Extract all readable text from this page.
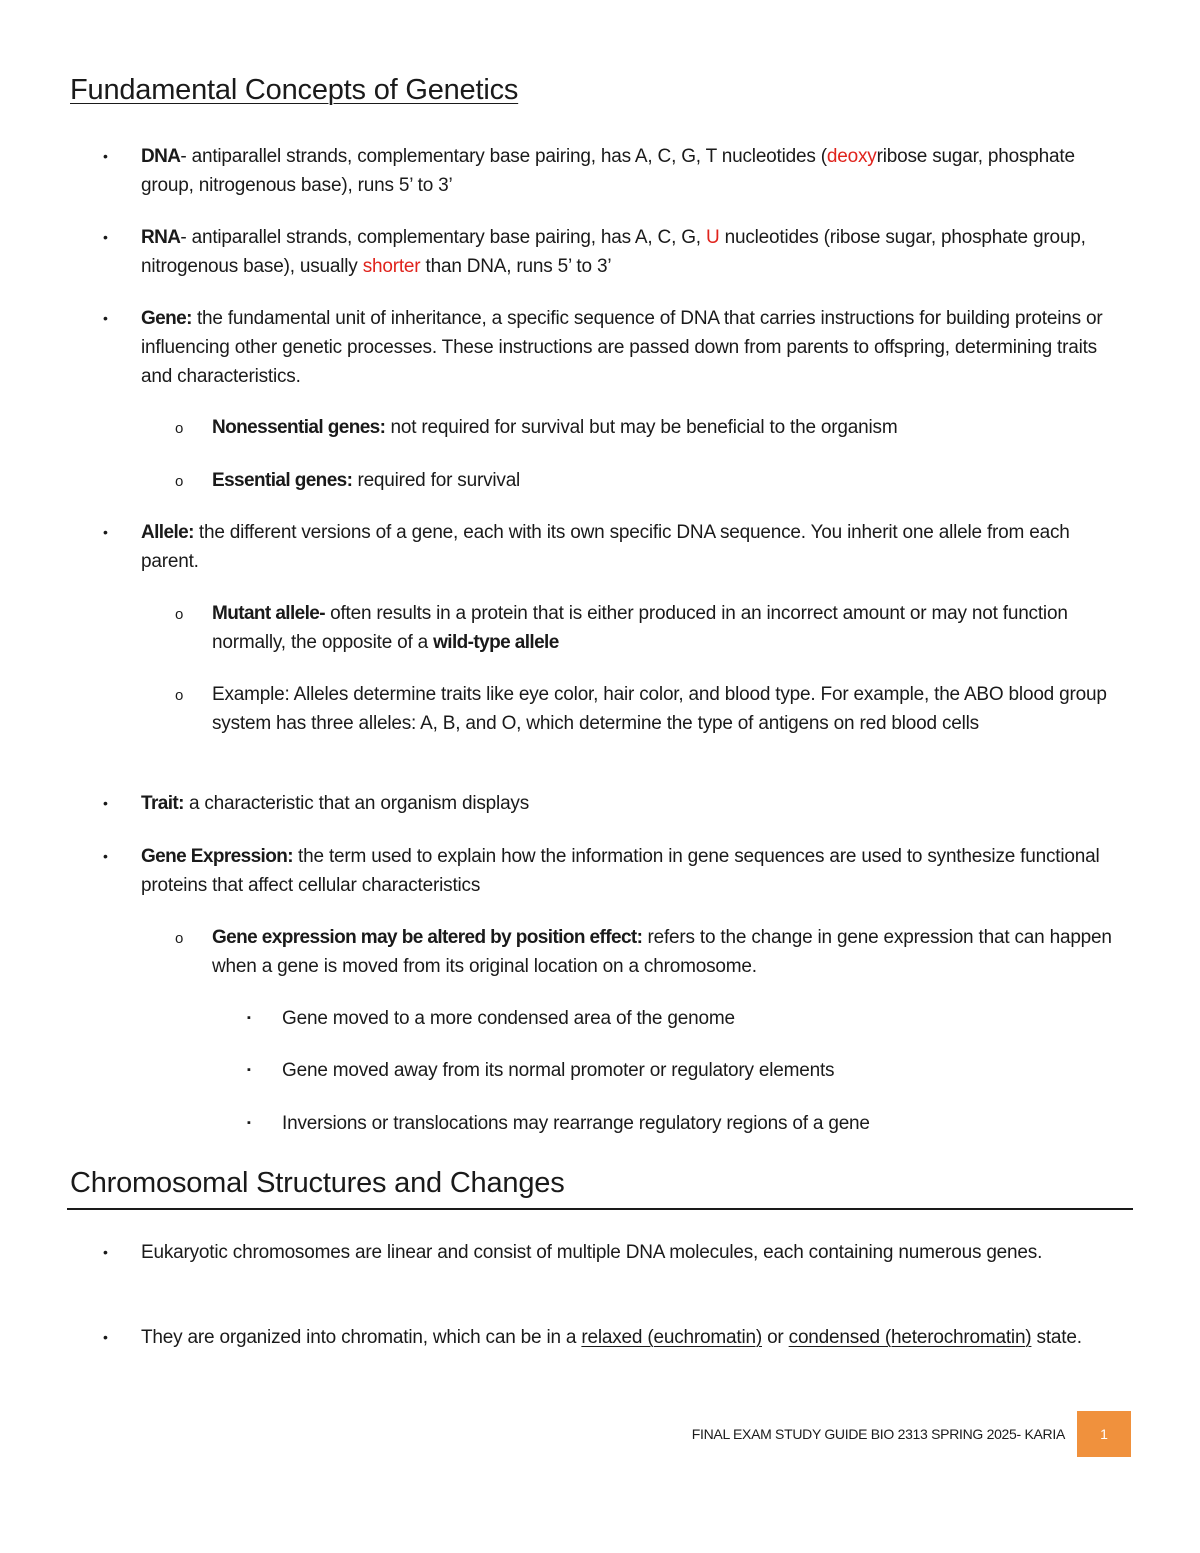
Fundamental Concepts of Genetics
• DNA- antiparallel strands, complementary base pairing, has A, C, G, T nucleotides (deoxyribose sugar, phosphate group, nitrogenous base), runs 5’ to 3’
• RNA- antiparallel strands, complementary base pairing, has A, C, G, U nucleotides (ribose sugar, phosphate group, nitrogenous base), usually shorter than DNA, runs 5’ to 3’
• Gene: the fundamental unit of inheritance, a specific sequence of DNA that carries instructions for building proteins or influencing other genetic processes. These instructions are passed down from parents to offspring, determining traits and characteristics.
o Nonessential genes: not required for survival but may be beneficial to the organism
o Essential genes: required for survival
• Allele: the different versions of a gene, each with its own specific DNA sequence. You inherit one allele from each parent.
o Mutant allele- often results in a protein that is either produced in an incorrect amount or may not function normally, the opposite of a wild-type allele
o Example: Alleles determine traits like eye color, hair color, and blood type. For example, the ABO blood group system has three alleles: A, B, and O, which determine the type of antigens on red blood cells
• Trait: a characteristic that an organism displays
• Gene Expression: the term used to explain how the information in gene sequences are used to synthesize functional proteins that affect cellular characteristics
o Gene expression may be altered by position effect: refers to the change in gene expression that can happen when a gene is moved from its original location on a chromosome.
▪ Gene moved to a more condensed area of the genome
▪ Gene moved away from its normal promoter or regulatory elements
▪ Inversions or translocations may rearrange regulatory regions of a gene
Chromosomal Structures and Changes
• Eukaryotic chromosomes are linear and consist of multiple DNA molecules, each containing numerous genes.
• They are organized into chromatin, which can be in a relaxed (euchromatin) or condensed (heterochromatin) state.
FINAL EXAM STUDY GUIDE BIO 2313 SPRING 2025- KARIA	1
